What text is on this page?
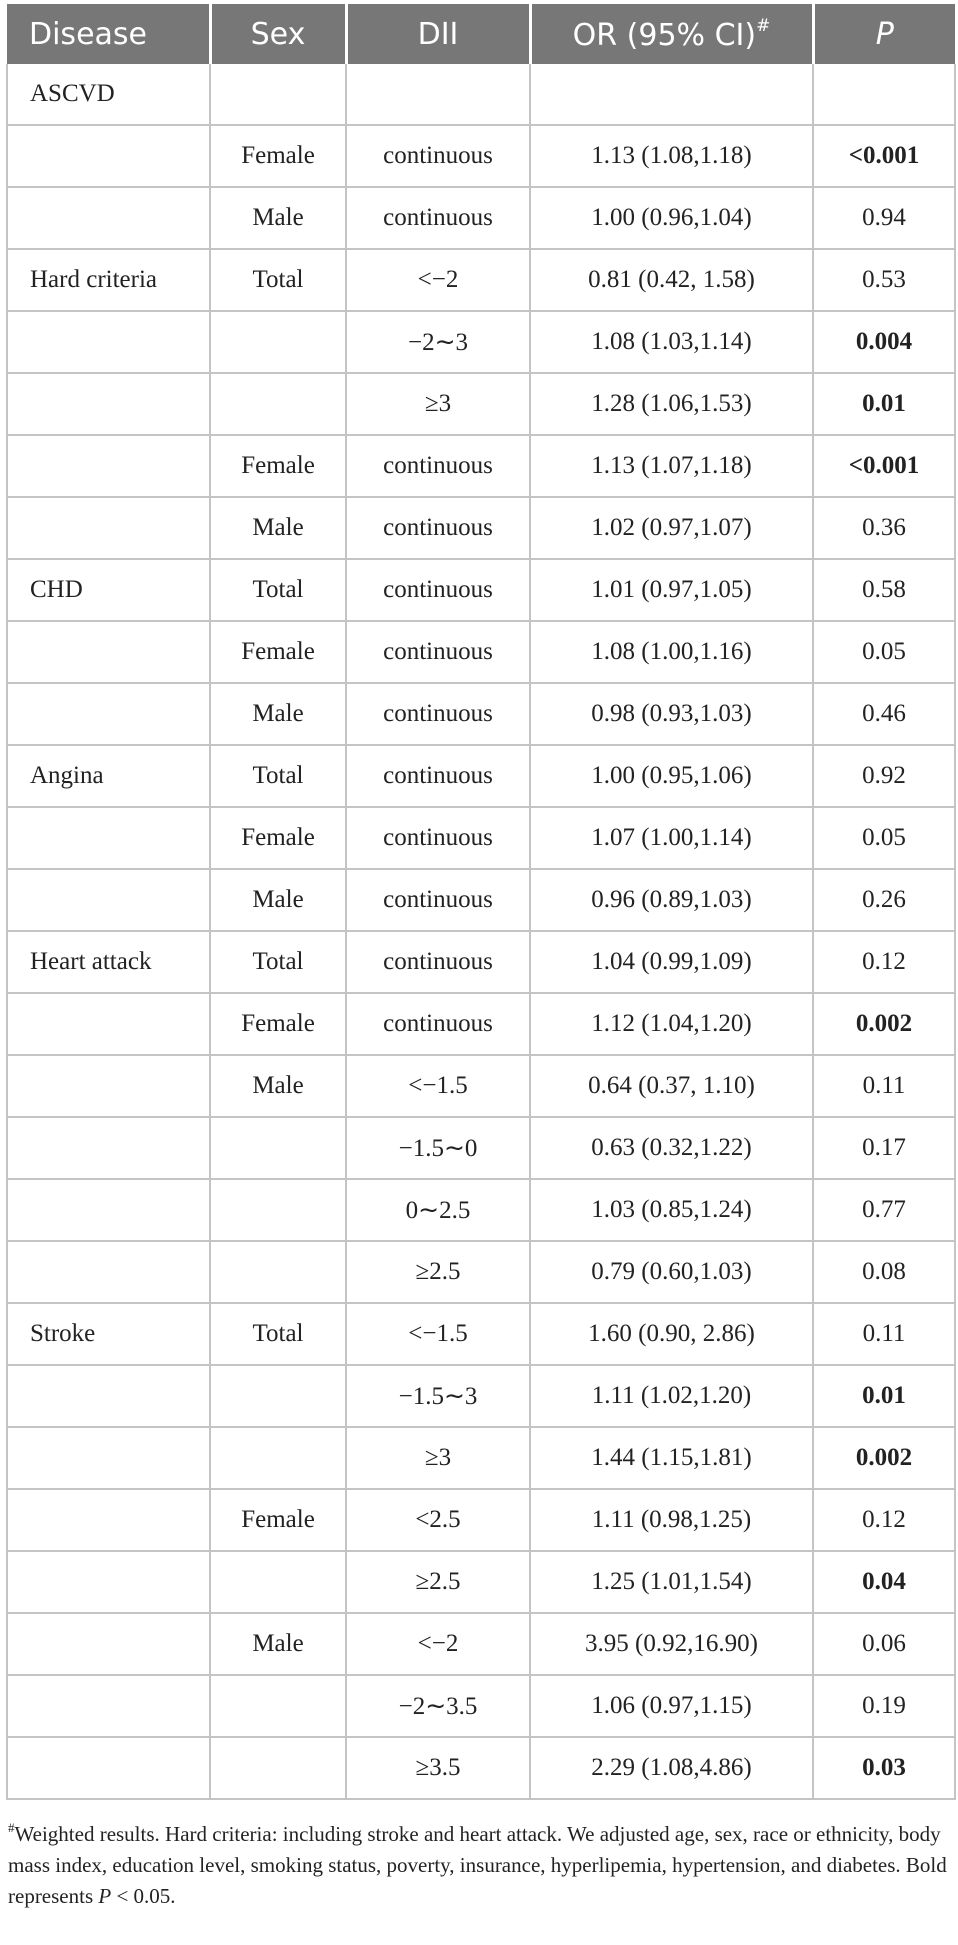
Disease	Sex	DII	OR (95% CI)#	P
ASCVD				
	Female	continuous	1.13 (1.08,1.18)	<0.001
	Male	continuous	1.00 (0.96,1.04)	0.94
Hard criteria	Total	<−2	0.81 (0.42, 1.58)	0.53
		−2∼3	1.08 (1.03,1.14)	0.004
		≥3	1.28 (1.06,1.53)	0.01
	Female	continuous	1.13 (1.07,1.18)	<0.001
	Male	continuous	1.02 (0.97,1.07)	0.36
CHD	Total	continuous	1.01 (0.97,1.05)	0.58
	Female	continuous	1.08 (1.00,1.16)	0.05
	Male	continuous	0.98 (0.93,1.03)	0.46
Angina	Total	continuous	1.00 (0.95,1.06)	0.92
	Female	continuous	1.07 (1.00,1.14)	0.05
	Male	continuous	0.96 (0.89,1.03)	0.26
Heart attack	Total	continuous	1.04 (0.99,1.09)	0.12
	Female	continuous	1.12 (1.04,1.20)	0.002
	Male	<−1.5	0.64 (0.37, 1.10)	0.11
		−1.5∼0	0.63 (0.32,1.22)	0.17
		0∼2.5	1.03 (0.85,1.24)	0.77
		≥2.5	0.79 (0.60,1.03)	0.08
Stroke	Total	<−1.5	1.60 (0.90, 2.86)	0.11
		−1.5∼3	1.11 (1.02,1.20)	0.01
		≥3	1.44 (1.15,1.81)	0.002
	Female	<2.5	1.11 (0.98,1.25)	0.12
		≥2.5	1.25 (1.01,1.54)	0.04
	Male	<−2	3.95 (0.92,16.90)	0.06
		−2∼3.5	1.06 (0.97,1.15)	0.19
		≥3.5	2.29 (1.08,4.86)	0.03
#Weighted results. Hard criteria: including stroke and heart attack. We adjusted age, sex, race or ethnicity, body mass index, education level, smoking status, poverty, insurance, hyperlipemia, hypertension, and diabetes. Bold represents P < 0.05.
